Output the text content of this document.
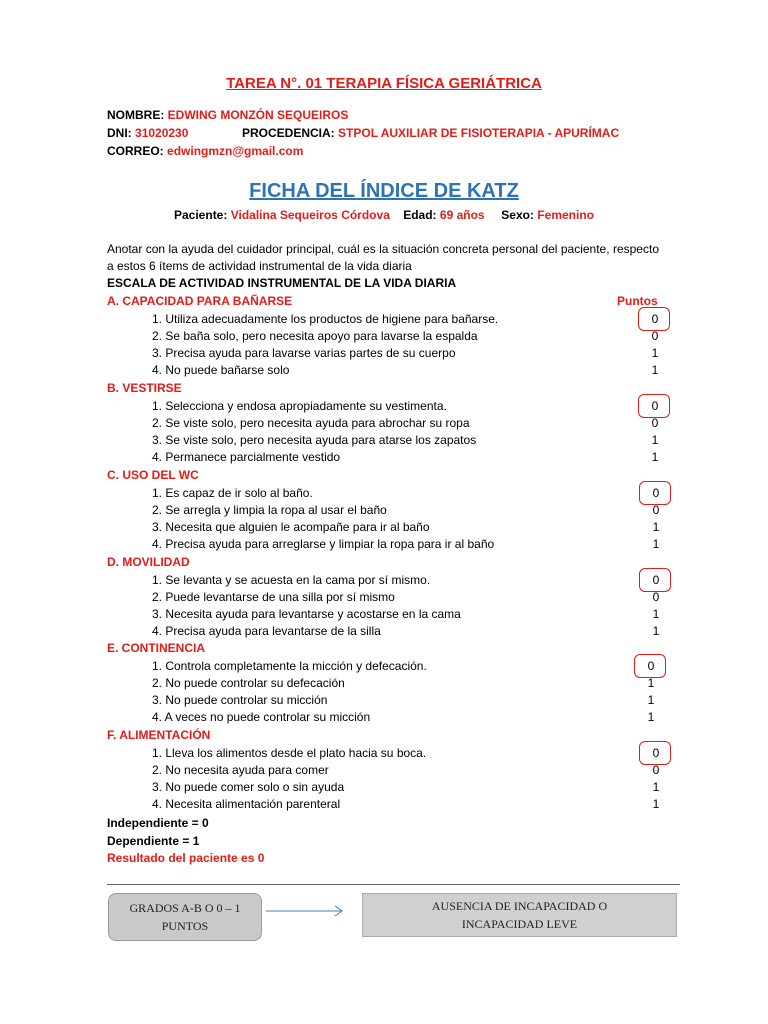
TAREA N°. 01 TERAPIA FÍSICA GERIÁTRICA
NOMBRE: EDWING MONZÓN SEQUEIROS
DNI: 31020230	PROCEDENCIA: STPOL AUXILIAR DE FISIOTERAPIA - APURÍMAC
CORREO: edwingmzn@gmail.com
FICHA DEL ÍNDICE DE KATZ
Paciente: Vidalina Sequeiros Córdova Edad: 69 años Sexo: Femenino
Anotar con la ayuda del cuidador principal, cuál es la situación concreta personal del paciente, respecto a estos 6 ítems de actividad instrumental de la vida diaria
ESCALA DE ACTIVIDAD INSTRUMENTAL DE LA VIDA DIARIA
Puntos
A. CAPACIDAD PARA BAÑARSE
1. Utiliza adecuadamente los productos de higiene para bañarse.	0
2. Se baña solo, pero necesita apoyo para lavarse la espalda	0
3. Precisa ayuda para lavarse varias partes de su cuerpo	1
4. No puede bañarse solo	1
B. VESTIRSE
1. Selecciona y endosa apropiadamente su vestimenta.	0
2. Se viste solo, pero necesita ayuda para abrochar su ropa	0
3. Se viste solo, pero necesita ayuda para atarse los zapatos	1
4. Permanece parcialmente vestido	1
C. USO DEL WC
1. Es capaz de ir solo al baño.	0
2. Se arregla y limpia la ropa al usar el baño	0
3. Necesita que alguien le acompañe para ir al baño	1
4. Precisa ayuda para arreglarse y limpiar la ropa para ir al baño	1
D. MOVILIDAD
1. Se levanta y se acuesta en la cama por sí mismo.	0
2. Puede levantarse de una silla por sí mismo	0
3. Necesita ayuda para levantarse y acostarse en la cama	1
4. Precisa ayuda para levantarse de la silla	1
E. CONTINENCIA
1. Controla completamente la micción y defecación.	0
2. No puede controlar su defecación	1
3. No puede controlar su micción	1
4. A veces no puede controlar su micción	1
F. ALIMENTACIÓN
1. Lleva los alimentos desde el plato hacia su boca.	0
2. No necesita ayuda para comer	0
3. No puede comer solo o sin ayuda	1
4. Necesita alimentación parenteral	1
Independiente = 0
Dependiente = 1
Resultado del paciente es 0
GRADOS A-B O 0 – 1
PUNTOS
AUSENCIA DE INCAPACIDAD O
INCAPACIDAD LEVE
